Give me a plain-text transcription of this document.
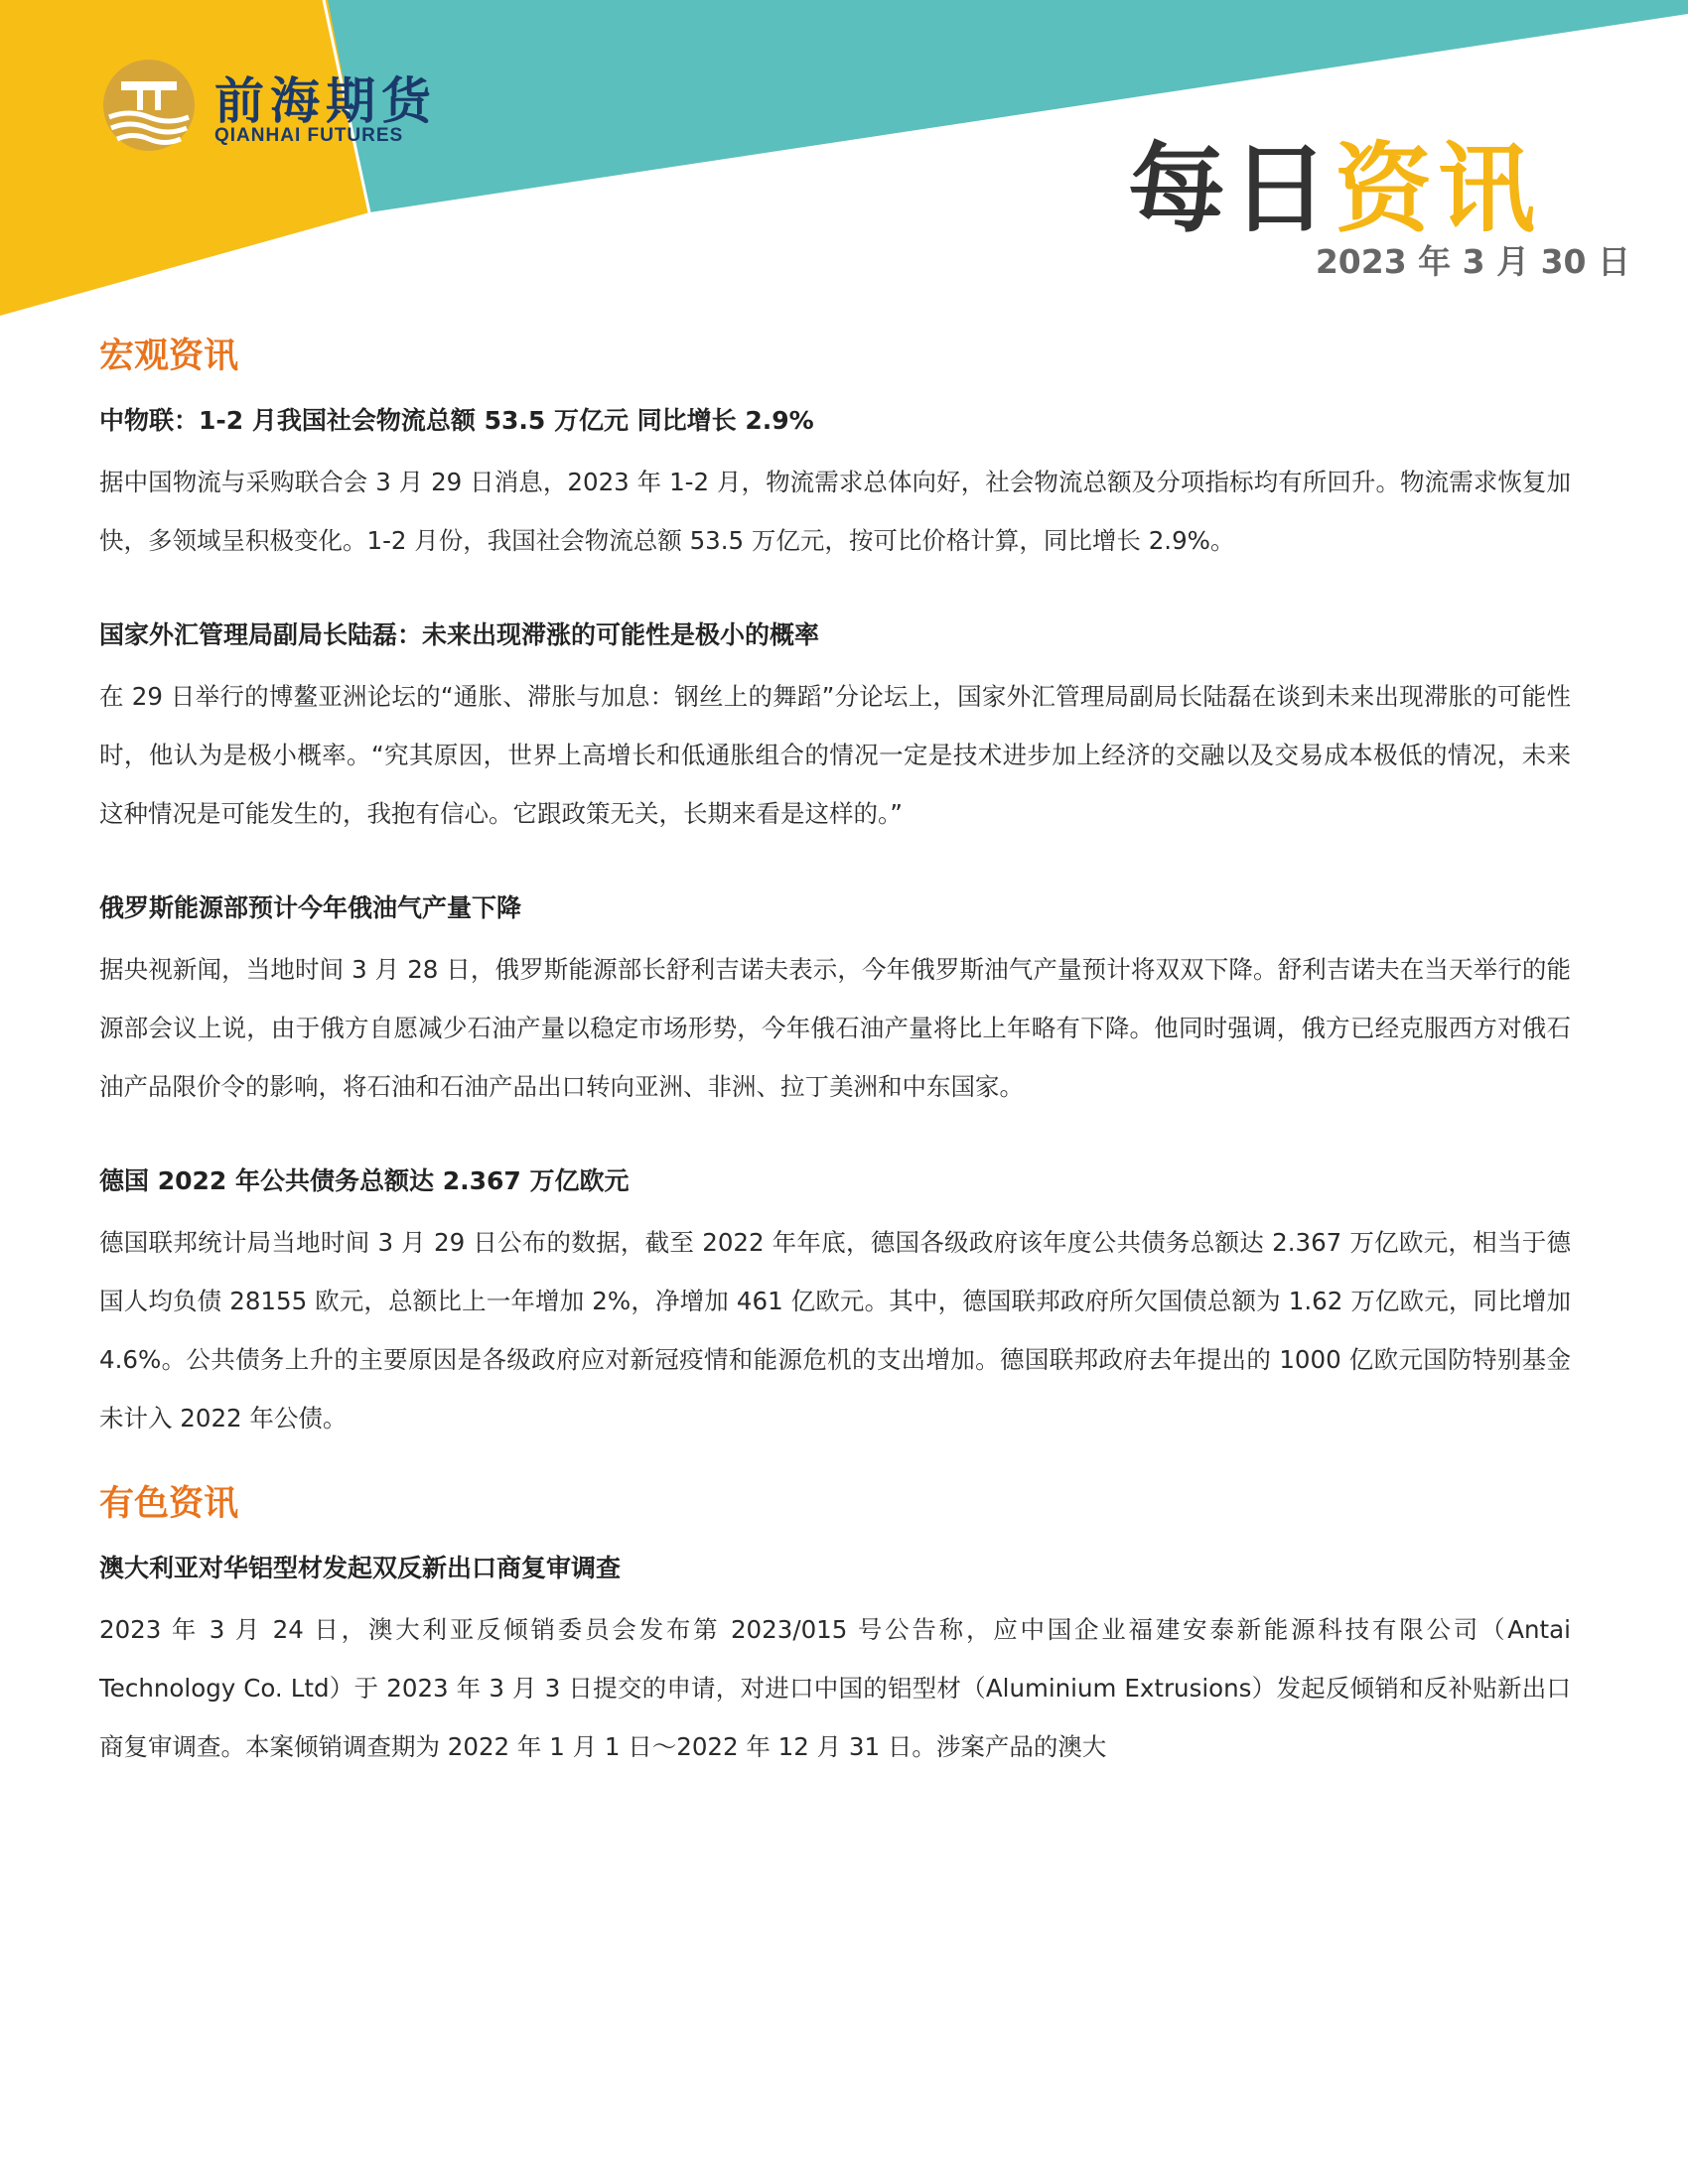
前海期货
QIANHAI FUTURES	每日资讯
2023 年 3 月 30 日
宏观资讯
中物联：1-2 月我国社会物流总额 53.5 万亿元 同比增长 2.9%
据中国物流与采购联合会 3 月 29 日消息，2023 年 1-2 月，物流需求总体向好，社会物流总额及分项指标均有所回升。物流需求恢复加快，多领域呈积极变化。1-2 月份，我国社会物流总额 53.5 万亿元，按可比价格计算，同比增长 2.9%。
国家外汇管理局副局长陆磊：未来出现滞涨的可能性是极小的概率
在 29 日举行的博鳌亚洲论坛的“通胀、滞胀与加息：钢丝上的舞蹈”分论坛上，国家外汇管理局副局长陆磊在谈到未来出现滞胀的可能性时，他认为是极小概率。“究其原因，世界上高增长和低通胀组合的情况一定是技术进步加上经济的交融以及交易成本极低的情况，未来这种情况是可能发生的，我抱有信心。它跟政策无关，长期来看是这样的。”
俄罗斯能源部预计今年俄油气产量下降
据央视新闻，当地时间 3 月 28 日，俄罗斯能源部长舒利吉诺夫表示，今年俄罗斯油气产量预计将双双下降。舒利吉诺夫在当天举行的能源部会议上说，由于俄方自愿减少石油产量以稳定市场形势，今年俄石油产量将比上年略有下降。他同时强调，俄方已经克服西方对俄石油产品限价令的影响，将石油和石油产品出口转向亚洲、非洲、拉丁美洲和中东国家。
德国 2022 年公共债务总额达 2.367 万亿欧元
德国联邦统计局当地时间 3 月 29 日公布的数据，截至 2022 年年底，德国各级政府该年度公共债务总额达 2.367 万亿欧元，相当于德国人均负债 28155 欧元，总额比上一年增加 2%，净增加 461 亿欧元。其中，德国联邦政府所欠国债总额为 1.62 万亿欧元，同比增加 4.6%。公共债务上升的主要原因是各级政府应对新冠疫情和能源危机的支出增加。德国联邦政府去年提出的 1000 亿欧元国防特别基金未计入 2022 年公债。
有色资讯
澳大利亚对华铝型材发起双反新出口商复审调查
2023 年 3 月 24 日，澳大利亚反倾销委员会发布第 2023/015 号公告称，应中国企业福建安泰新能源科技有限公司（Antai Technology Co. Ltd）于 2023 年 3 月 3 日提交的申请，对进口中国的铝型材（Aluminium Extrusions）发起反倾销和反补贴新出口商复审调查。本案倾销调查期为 2022 年 1 月 1 日～2022 年 12 月 31 日。涉案产品的澳大
